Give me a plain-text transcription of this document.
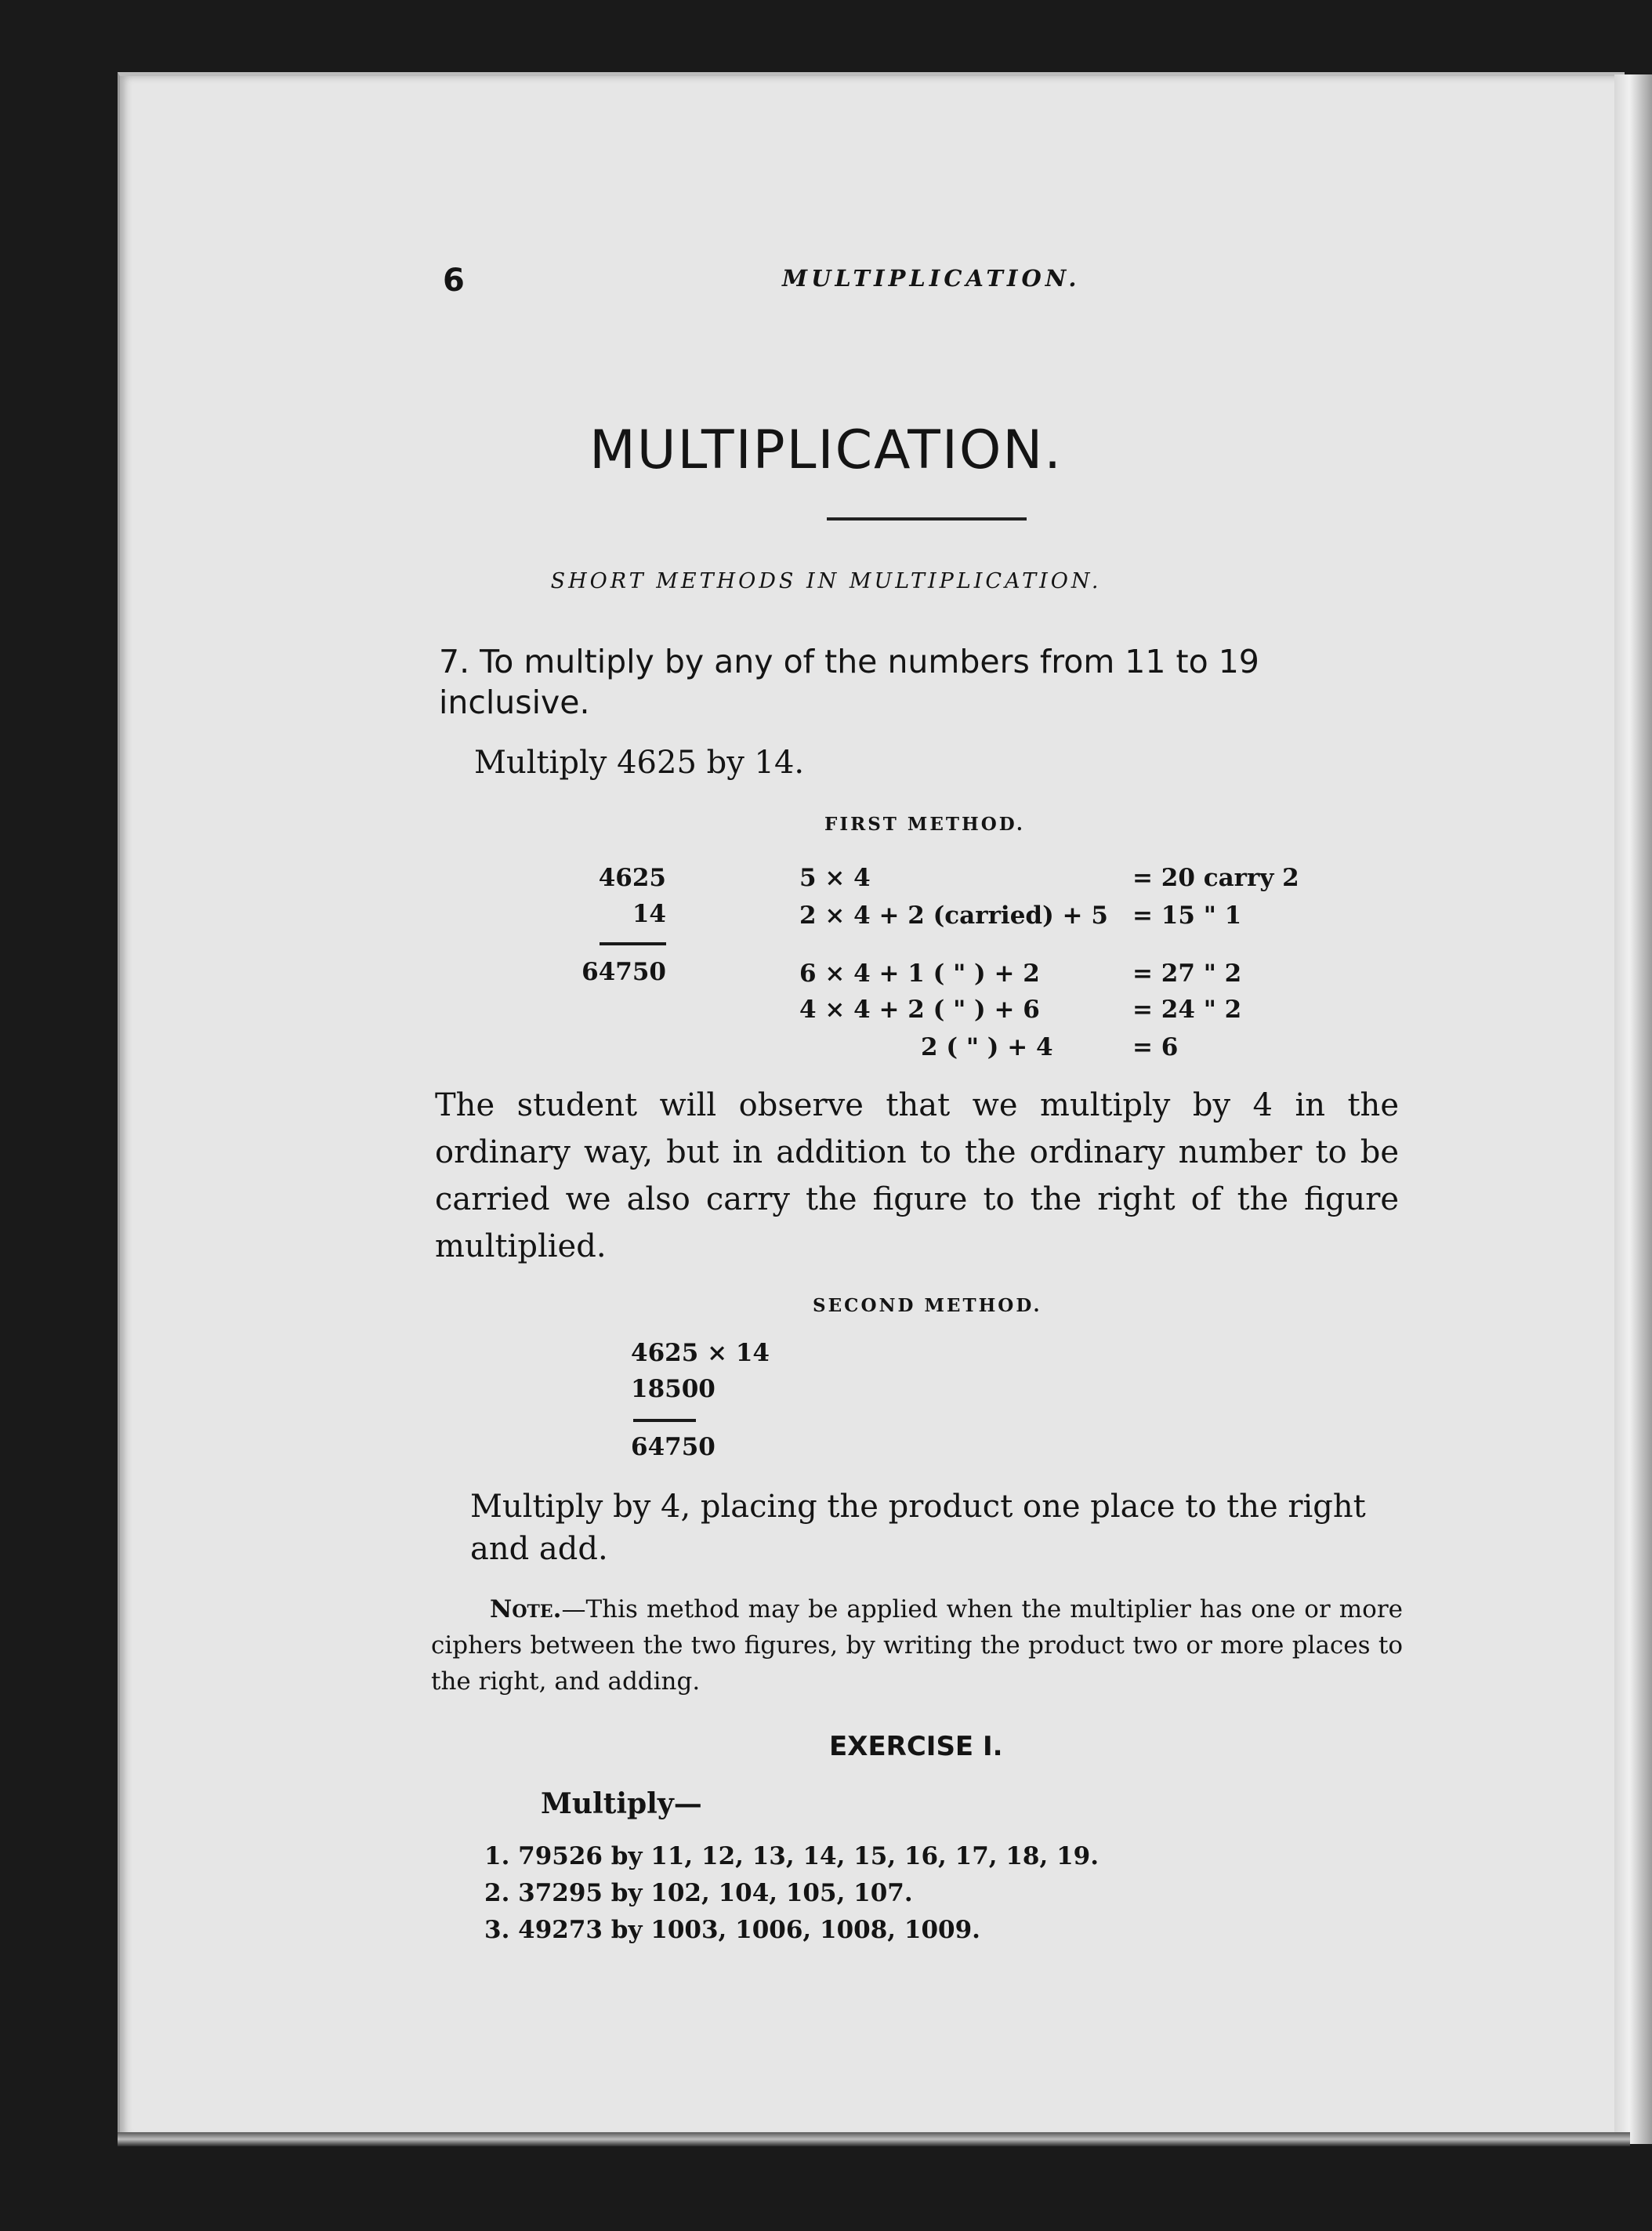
6	MULTIPLICATION.
MULTIPLICATION.
SHORT METHODS IN MULTIPLICATION.
7. To multiply by any of the numbers from 11 to 19 inclusive.
Multiply 4625 by 14.
FIRST METHOD.
4625
14
64750
5 × 4	= 20 carry 2
2 × 4 + 2 (carried) + 5 = 15 " 1
6 × 4 + 1 ( " ) + 2	= 27 " 2
4 × 4 + 2 ( " ) + 6	= 24 " 2
2 ( " ) + 4	= 6
The student will observe that we multiply by 4 in the ordinary way, but in addition to the ordinary number to be carried we also carry the figure to the right of the figure multiplied.
SECOND METHOD.
4625 × 14
18500
64750
Multiply by 4, placing the product one place to the right and add.
Note.—This method may be applied when the multiplier has one or more ciphers between the two figures, by writing the product two or more places to the right, and adding.
EXERCISE I.
Multiply—
1. 79526 by 11, 12, 13, 14, 15, 16, 17, 18, 19.
2. 37295 by 102, 104, 105, 107.
3. 49273 by 1003, 1006, 1008, 1009.
